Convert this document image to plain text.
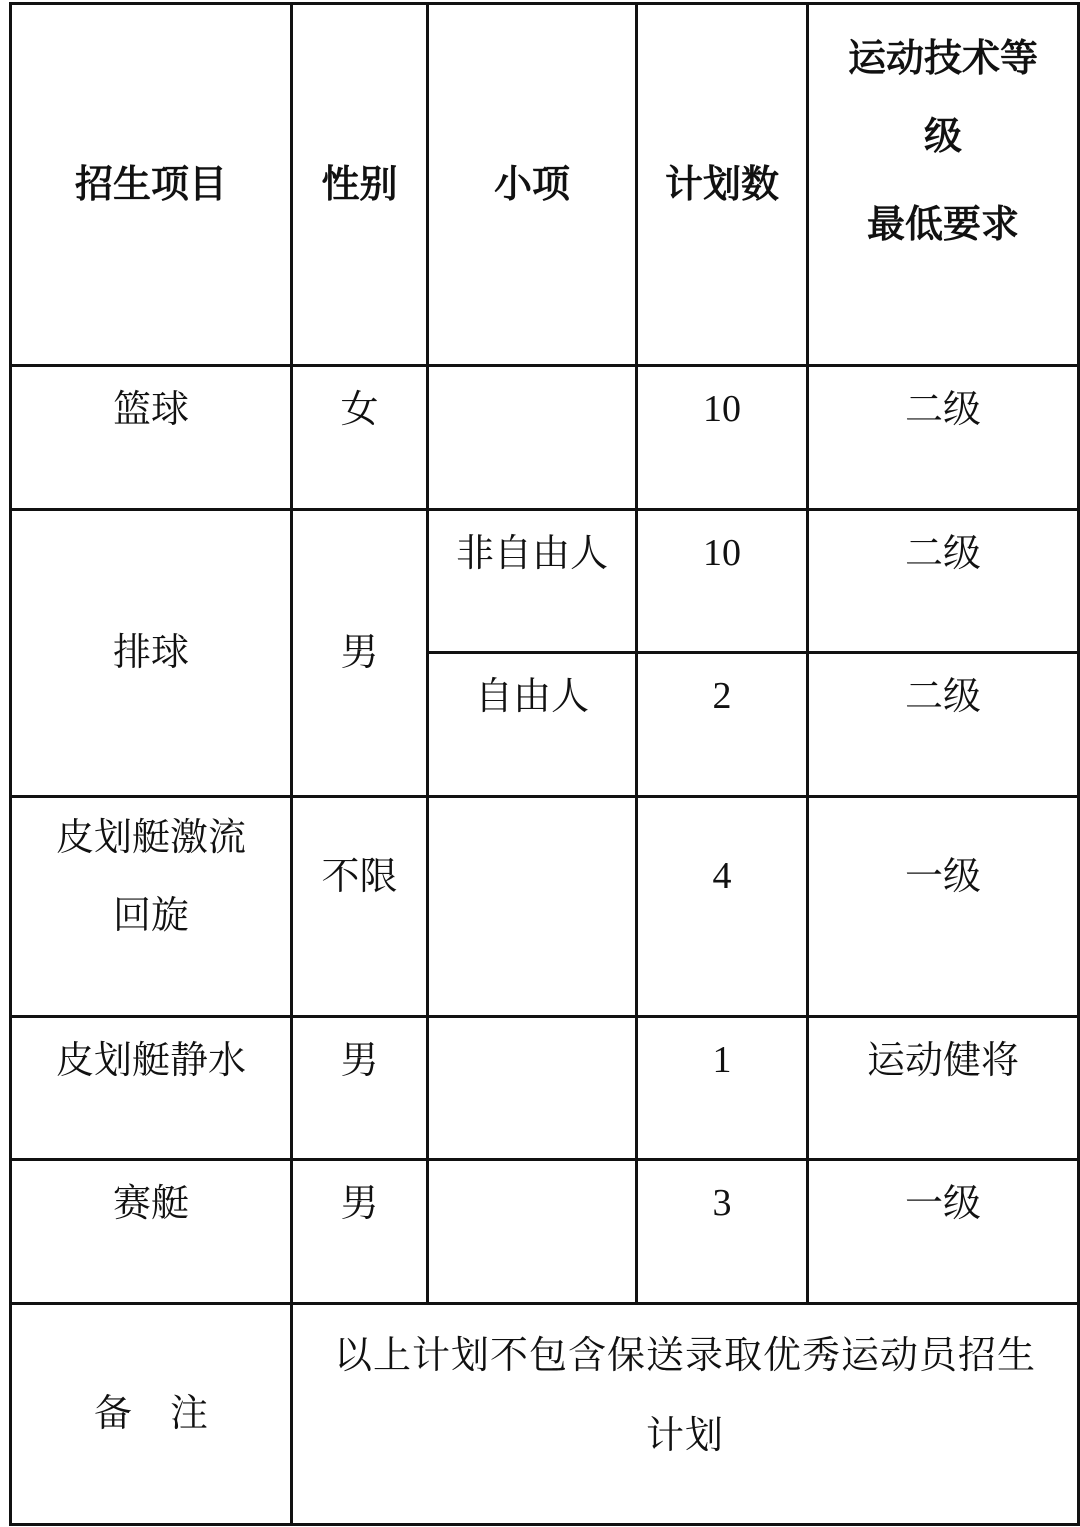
招生项目	性别	小项	计划数	运动技术等级
最低要求

篮球	女		10	二级
排球	男	非自由人	10	二级
		自由人	2	二级

皮划艇激流
回旋	不限		4	一级
皮划艇静水	男		1	运动健将
赛艇	男		3	一级
备　注	以上计划不包含保送录取优秀运动员招生计划			
